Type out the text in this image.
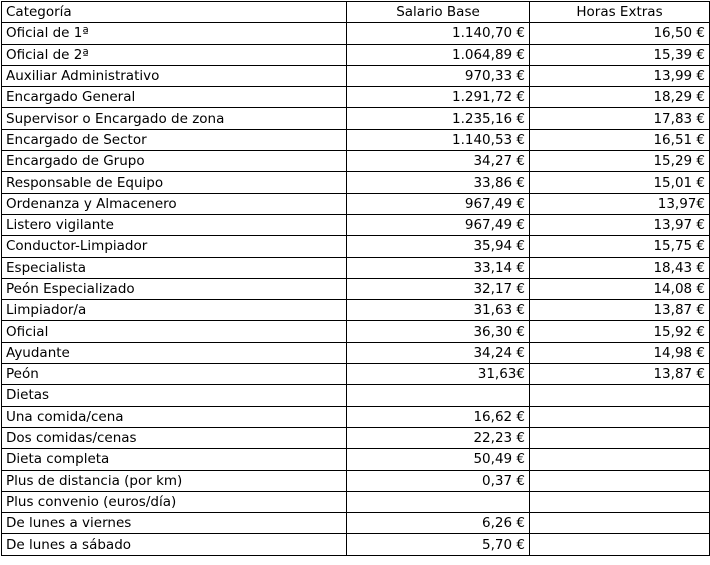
Categoría	Salario Base	Horas Extras
Oficial de 1ª	1.140,70 €	16,50 €
Oficial de 2ª	1.064,89 €	15,39 €
Auxiliar Administrativo	970,33 €	13,99 €
Encargado General	1.291,72 €	18,29 €
Supervisor o Encargado de zona	1.235,16 €	17,83 €
Encargado de Sector	1.140,53 €	16,51 €
Encargado de Grupo	34,27 €	15,29 €
Responsable de Equipo	33,86 €	15,01 €
Ordenanza y Almacenero	967,49 €	13,97€
Listero vigilante	967,49 €	13,97 €
Conductor-Limpiador	35,94 €	15,75 €
Especialista	33,14 €	18,43 €
Peón Especializado	32,17 €	14,08 €
Limpiador/a	31,63 €	13,87 €
Oficial	36,30 €	15,92 €
Ayudante	34,24 €	14,98 €
Peón	31,63€	13,87 €
Dietas		
Una comida/cena	16,62 €	
Dos comidas/cenas	22,23 €	
Dieta completa	50,49 €	
Plus de distancia (por km)	0,37 €	
Plus convenio (euros/día)		
De lunes a viernes	6,26 €	
De lunes a sábado	5,70 €	
